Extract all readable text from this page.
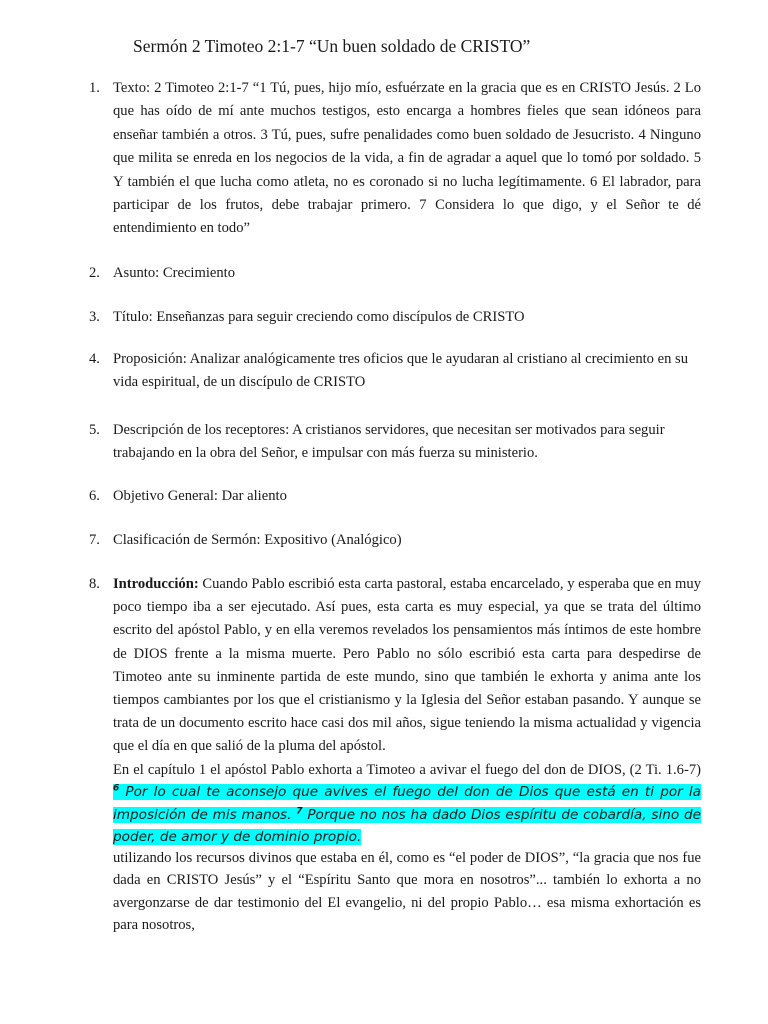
Sermón 2 Timoteo 2:1-7 “Un buen soldado de CRISTO”
1. Texto: 2 Timoteo 2:1-7 “1 Tú, pues, hijo mío, esfuérzate en la gracia que es en CRISTO Jesús. 2 Lo que has oído de mí ante muchos testigos, esto encarga a hombres fieles que sean idóneos para enseñar también a otros. 3 Tú, pues, sufre penalidades como buen soldado de Jesucristo. 4 Ninguno que milita se enreda en los negocios de la vida, a fin de agradar a aquel que lo tomó por soldado. 5 Y también el que lucha como atleta, no es coronado si no lucha legítimamente. 6 El labrador, para participar de los frutos, debe trabajar primero. 7 Considera lo que digo, y el Señor te dé entendimiento en todo”
2. Asunto: Crecimiento
3. Título: Enseñanzas para seguir creciendo como discípulos de CRISTO
4. Proposición: Analizar analógicamente tres oficios que le ayudaran al cristiano al crecimiento en su vida espiritual, de un discípulo de CRISTO
5. Descripción de los receptores: A cristianos servidores, que necesitan ser motivados para seguir trabajando en la obra del Señor, e impulsar con más fuerza su ministerio.
6. Objetivo General: Dar aliento
7. Clasificación de Sermón: Expositivo (Analógico)
8. Introducción: Cuando Pablo escribió esta carta pastoral, estaba encarcelado, y esperaba que en muy poco tiempo iba a ser ejecutado. Así pues, esta carta es muy especial, ya que se trata del último escrito del apóstol Pablo, y en ella veremos revelados los pensamientos más íntimos de este hombre de DIOS frente a la misma muerte. Pero Pablo no sólo escribió esta carta para despedirse de Timoteo ante su inminente partida de este mundo, sino que también le exhorta y anima ante los tiempos cambiantes por los que el cristianismo y la Iglesia del Señor estaban pasando. Y aunque se trata de un documento escrito hace casi dos mil años, sigue teniendo la misma actualidad y vigencia que el día en que salió de la pluma del apóstol.
En el capítulo 1 el apóstol Pablo exhorta a Timoteo a avivar el fuego del don de DIOS, (2 Ti. 1.6-7) $^6$ Por lo cual te aconsejo que avives el fuego del don de Dios que está en ti por la imposición de mis manos. $^7$ Porque no nos ha dado Dios espíritu de cobardía, sino de poder, de amor y de dominio propio.
utilizando los recursos divinos que estaba en él, como es “el poder de DIOS”, “la gracia que nos fue dada en CRISTO Jesús” y el “Espíritu Santo que mora en nosotros”... también lo exhorta a no avergonzarse de dar testimonio del El evangelio, ni del propio Pablo… esa misma exhortación es para nosotros,
